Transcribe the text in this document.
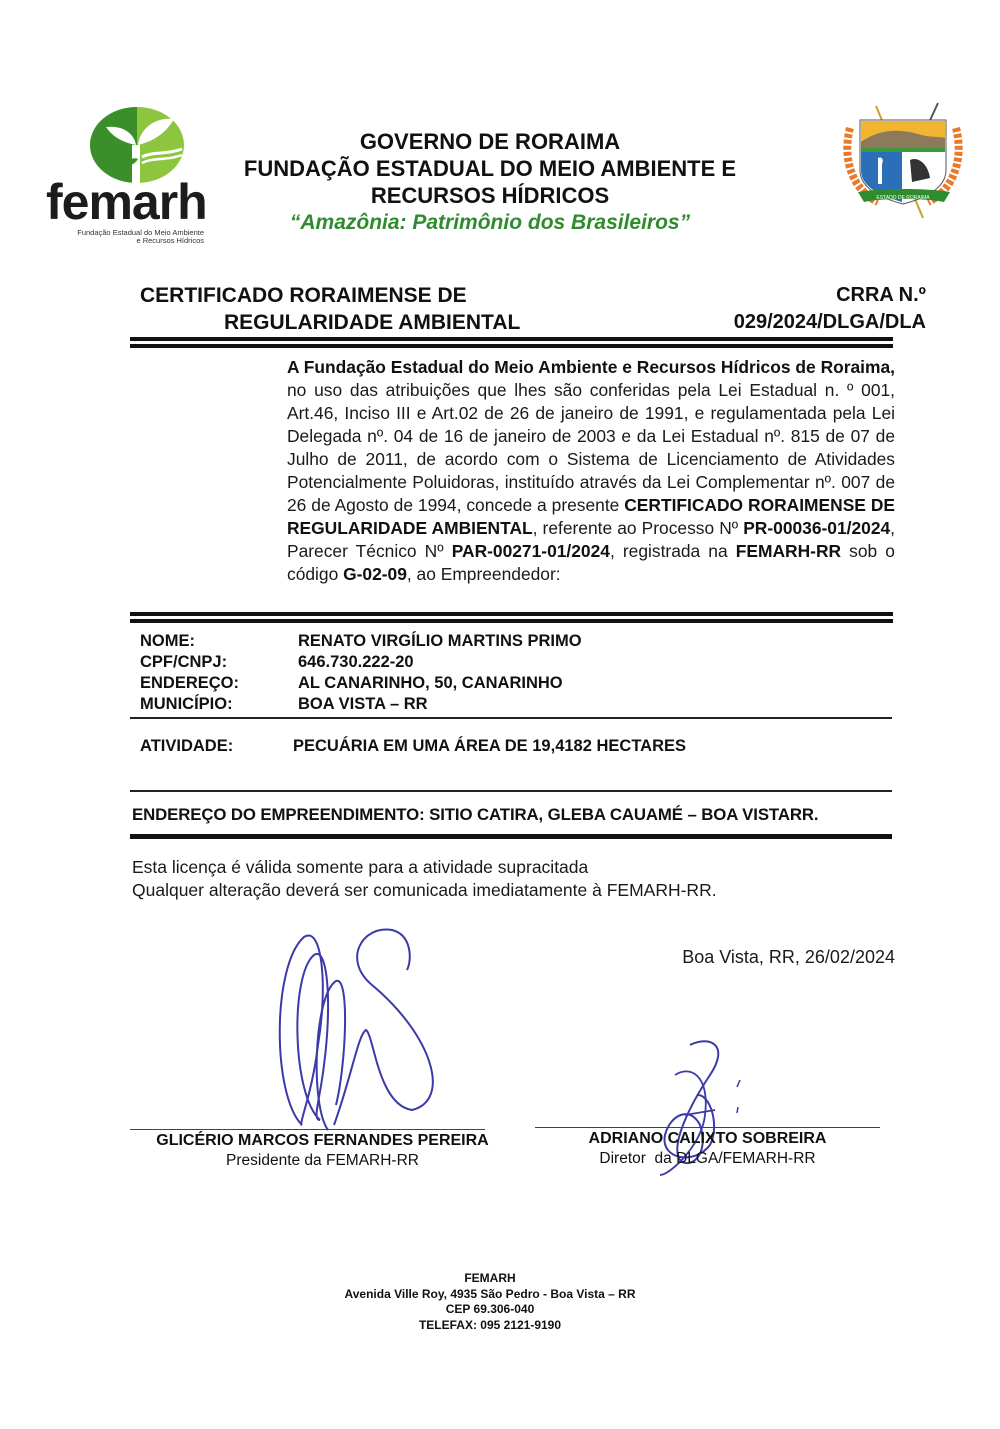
femarh
Fundação Estadual do Meio Ambiente
e Recursos Hídricos
GOVERNO DE RORAIMA
FUNDAÇÃO ESTADUAL DO MEIO AMBIENTE E
RECURSOS HÍDRICOS
“Amazônia: Patrimônio dos Brasileiros”
ESTADO DE RORAIMA
CERTIFICADO RORAIMENSE DE
REGULARIDADE AMBIENTAL
CRRA N.º
029/2024/DLGA/DLA
A Fundação Estadual do Meio Ambiente e Recursos Hídricos de Roraima, no uso das atribuições que lhes são conferidas pela Lei Estadual n. º 001, Art.46, Inciso III e Art.02 de 26 de janeiro de 1991, e regulamentada pela Lei Delegada nº. 04 de 16 de janeiro de 2003 e da Lei Estadual nº. 815 de 07 de Julho de 2011, de acordo com o Sistema de Licenciamento de Atividades Potencialmente Poluidoras, instituído através da Lei Complementar nº. 007 de 26 de Agosto de 1994, concede a presente CERTIFICADO RORAIMENSE DE REGULARIDADE AMBIENTAL, referente ao Processo Nº PR-00036-01/2024, Parecer Técnico Nº PAR-00271-01/2024, registrada na FEMARH-RR sob o código G-02-09, ao Empreendedor:
NOME:	RENATO VIRGÍLIO MARTINS PRIMO
CPF/CNPJ:	646.730.222-20
ENDEREÇO:	AL CANARINHO, 50, CANARINHO
MUNICÍPIO:	BOA VISTA – RR
ATIVIDADE:	PECUÁRIA EM UMA ÁREA DE 19,4182 HECTARES
ENDEREÇO DO EMPREENDIMENTO: SITIO CATIRA, GLEBA CAUAMÉ – BOA VISTARR.
Esta licença é válida somente para a atividade supracitada
Qualquer alteração deverá ser comunicada imediatamente à FEMARH-RR.
Boa Vista, RR, 26/02/2024
GLICÉRIO MARCOS FERNANDES PEREIRA
Presidente da FEMARH-RR
ADRIANO CALIXTO SOBREIRA
Diretor  da DLGA/FEMARH-RR
FEMARH
Avenida Ville Roy, 4935 São Pedro - Boa Vista – RR
CEP 69.306-040
TELEFAX: 095 2121-9190
